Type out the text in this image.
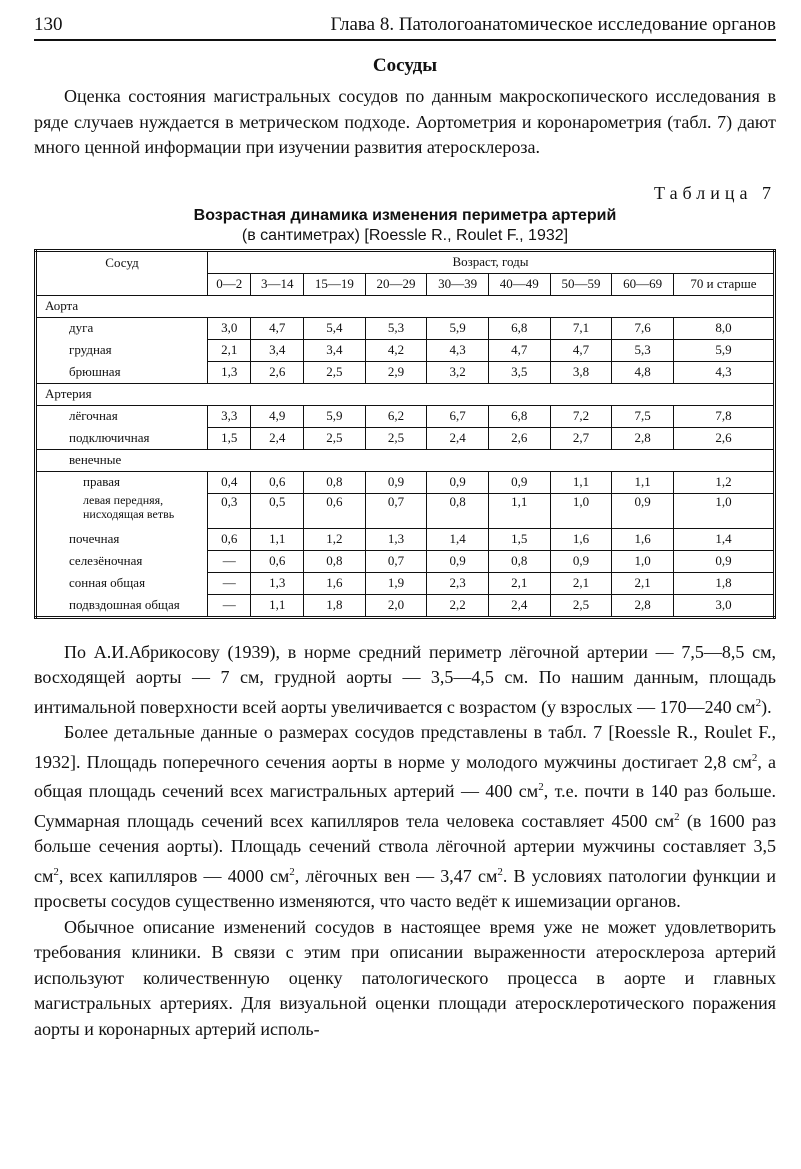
130	Глава 8. Патологоанатомическое исследование органов
Сосуды

Оценка состояния магистральных сосудов по данным макроскопического исследования в ряде случаев нуждается в метрическом подходе. Аортометрия и коронарометрия (табл. 7) дают много ценной информации при изучении развития атеросклероза.

Таблица 7
Возрастная динамика изменения периметра артерий
(в сантиметрах) [Roessle R., Roulet F., 1932]
Сосуд	Возраст, годы								
	0—2	3—14	15—19	20—29	30—39	40—49	50—59	60—69	70 и старше
Аорта									
дуга	3,0	4,7	5,4	5,3	5,9	6,8	7,1	7,6	8,0
грудная	2,1	3,4	3,4	4,2	4,3	4,7	4,7	5,3	5,9
брюшная	1,3	2,6	2,5	2,9	3,2	3,5	3,8	4,8	4,3
Артерия									
лёгочная	3,3	4,9	5,9	6,2	6,7	6,8	7,2	7,5	7,8
подключичная	1,5	2,4	2,5	2,5	2,4	2,6	2,7	2,8	2,6
венечные									
правая	0,4	0,6	0,8	0,9	0,9	0,9	1,1	1,1	1,2
левая передняя, нисходящая ветвь	0,3	0,5	0,6	0,7	0,8	1,1	1,0	0,9	1,0
почечная	0,6	1,1	1,2	1,3	1,4	1,5	1,6	1,6	1,4
селезёночная	—	0,6	0,8	0,7	0,9	0,8	0,9	1,0	0,9
сонная общая	—	1,3	1,6	1,9	2,3	2,1	2,1	2,1	1,8
подвздошная общая	—	1,1	1,8	2,0	2,2	2,4	2,5	2,8	3,0

По А.И.Абрикосову (1939), в норме средний периметр лёгочной артерии — 7,5—8,5 см, восходящей аорты — 7 см, грудной аорты — 3,5—4,5 см. По нашим данным, площадь интимальной поверхности всей аорты увеличивается с возрастом (у взрослых — 170—240 $см^2$).

Более детальные данные о размерах сосудов представлены в табл. 7 [Roessle R., Roulet F., 1932]. Площадь поперечного сечения аорты в норме у молодого мужчины достигает 2,8 $см^2$, а общая площадь сечений всех магистральных артерий — 400 $см^2$, т.е. почти в 140 раз больше. Суммарная площадь сечений всех капилляров тела человека составляет 4500 $см^2$ (в 1600 раз больше сечения аорты). Площадь сечений ствола лёгочной артерии мужчины составляет 3,5 $см^2$, всех капилляров — 4000 $см^2$, лёгочных вен — 3,47 $см^2$. В условиях патологии функции и просветы сосудов существенно изменяются, что часто ведёт к ишемизации органов.

Обычное описание изменений сосудов в настоящее время уже не может удовлетворить требования клиники. В связи с этим при описании выраженности атеросклероза артерий используют количественную оценку патологического процесса в аорте и главных магистральных артериях. Для визуальной оценки площади атеросклеротического поражения аорты и коронарных артерий исполь-
